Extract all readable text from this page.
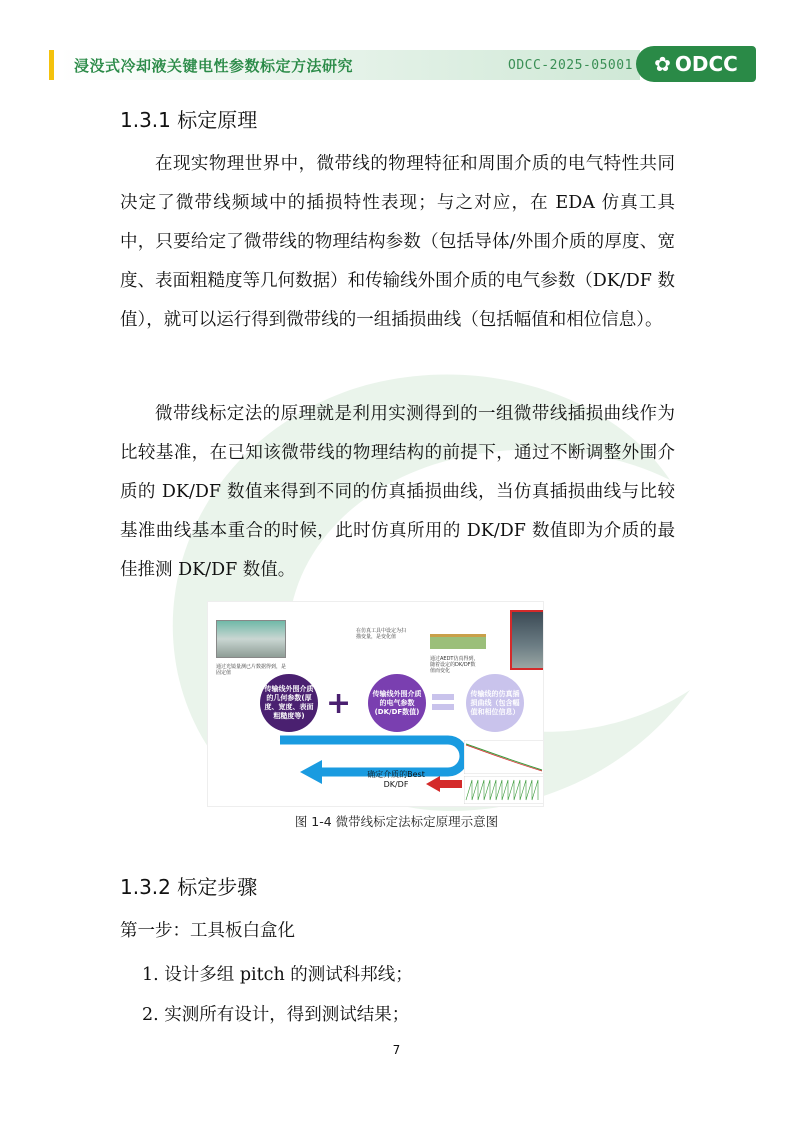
浸没式冷却液关键电性参数标定方法研究	ODCC-2025-05001 ✿ ODCC
1.3.1 标定原理

在现实物理世界中，微带线的物理特征和周围介质的电气特性共同决定了微带线频域中的插损特性表现；与之对应，在 EDA 仿真工具中，只要给定了微带线的物理结构参数（包括导体/外围介质的厚度、宽度、表面粗糙度等几何数据）和传输线外围介质的电气参数（DK/DF 数值），就可以运行得到微带线的一组插损曲线（包括幅值和相位信息）。

微带线标定法的原理就是利用实测得到的一组微带线插损曲线作为比较基准，在已知该微带线的物理结构的前提下，通过不断调整外围介质的 DK/DF 数值来得到不同的仿真插损曲线，当仿真插损曲线与比较基准曲线基本重合的时候，此时仿真所用的 DK/DF 数值即为介质的最佳推测 DK/DF 数值。

通过光镜量测已片数据得到，是固定值
在仿真工具中设定为扫描变量，是变化值
通过AEDT仿真得到，随着设定的DK/DF数值而变化
传输线外围介质的几何参数(厚度、宽度、表面粗糙度等) +	传输线外围介质的电气参数(DK/DF数值)
传输线的仿真插损曲线（包含幅值和相位信息）
确定介质的Best DK/DF
图 1-4 微带线标定法标定原理示意图
1.3.2 标定步骤
第一步：工具板白盒化
1. 设计多组 pitch 的测试科邦线；
2. 实测所有设计，得到测试结果；
7
